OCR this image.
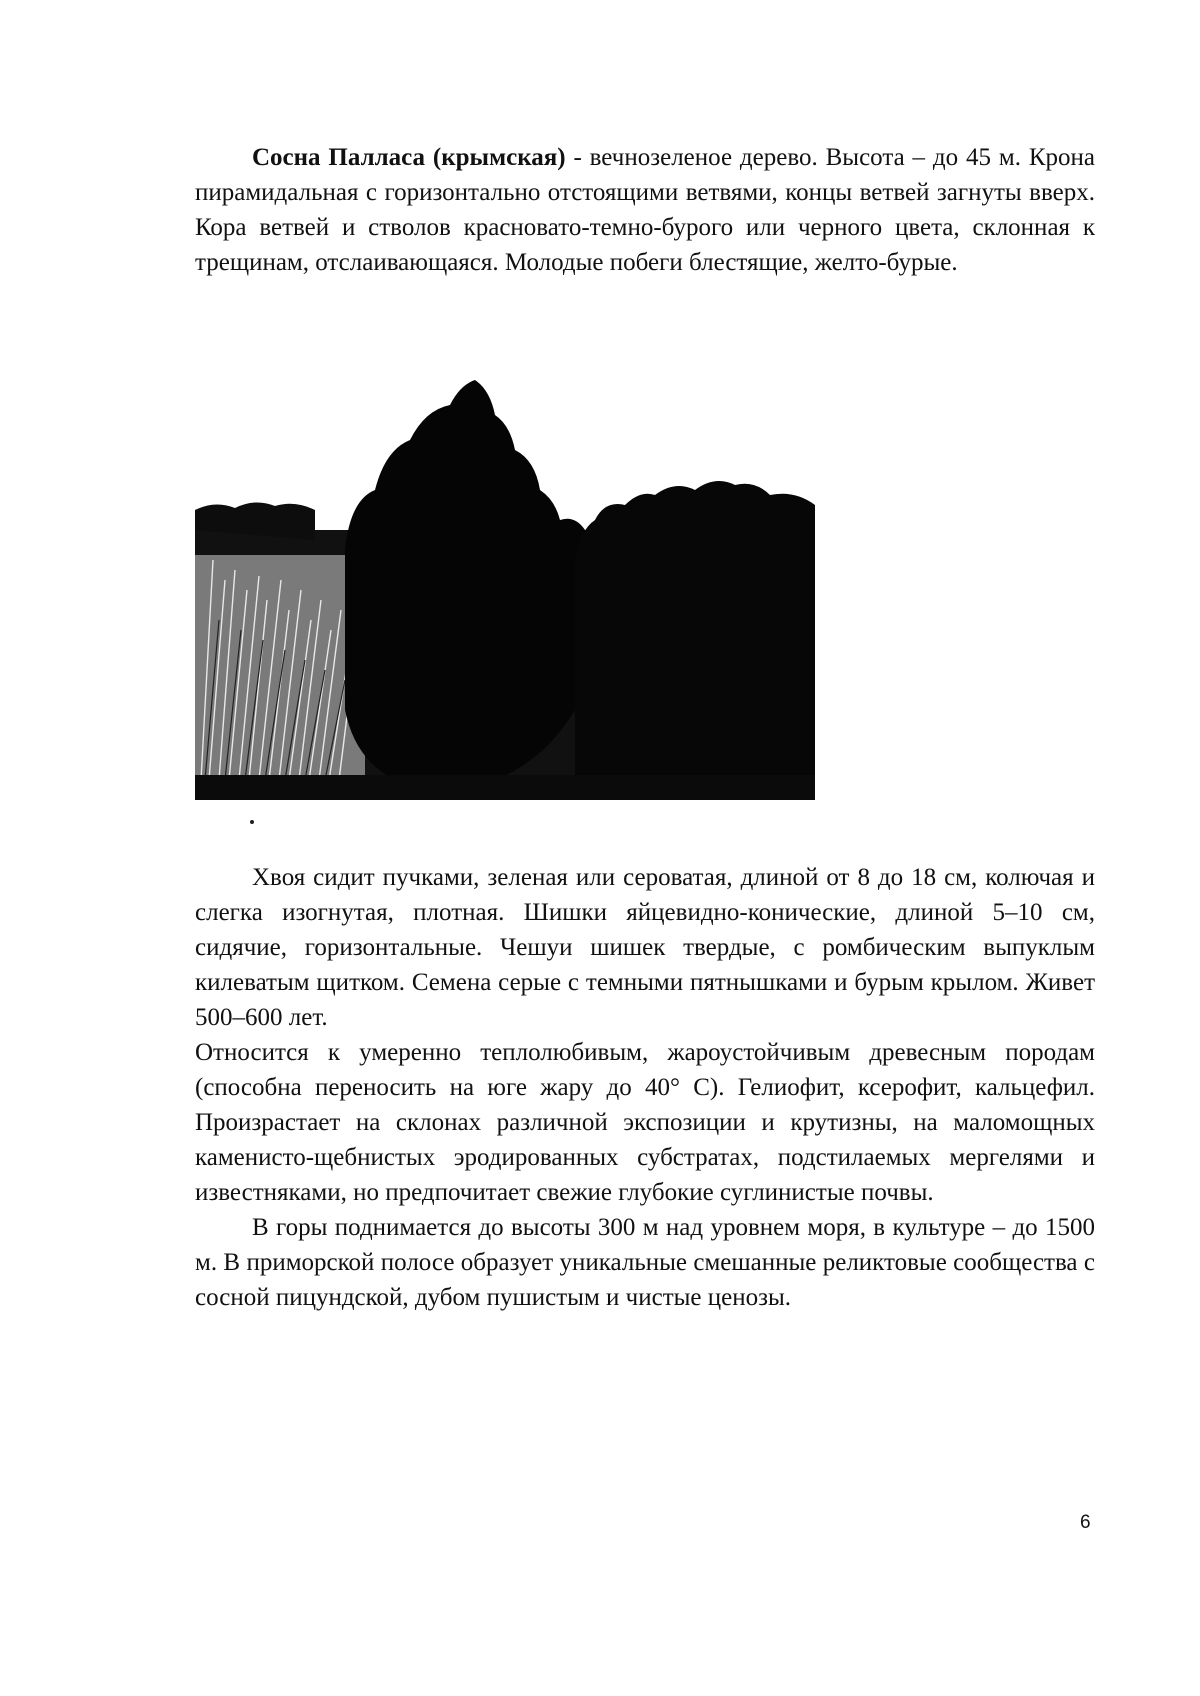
Сосна Палласа (крымская) - вечнозеленое дерево. Высота – до 45 м. Крона пирамидальная с горизонтально отстоящими ветвями, концы ветвей загнуты вверх. Кора ветвей и стволов красновато-темно-бурого или черного цвета, склонная к трещинам, отслаивающаяся. Молодые побеги блестящие, желто-бурые.

Хвоя сидит пучками, зеленая или сероватая, длиной от 8 до 18 см, колючая и слегка изогнутая, плотная. Шишки яйцевидно-конические, длиной 5–10 см, сидячие, горизонтальные. Чешуи шишек твердые, с ромбическим выпуклым килеватым щитком. Семена серые с темными пятнышками и бурым крылом. Живет 500–600 лет.

Относится к умеренно теплолюбивым, жароустойчивым древесным породам (способна переносить на юге жару до 40° С). Гелиофит, ксерофит, кальцефил. Произрастает на склонах различной экспозиции и крутизны, на маломощных каменисто-щебнистых эродированных субстратах, подстилаемых мергелями и известняками, но предпочитает свежие глубокие суглинистые почвы.

В горы поднимается до высоты 300 м над уровнем моря, в культуре – до 1500 м. В приморской полосе образует уникальные смешанные реликтовые сообщества с сосной пицундской, дубом пушистым и чистые ценозы.

6
